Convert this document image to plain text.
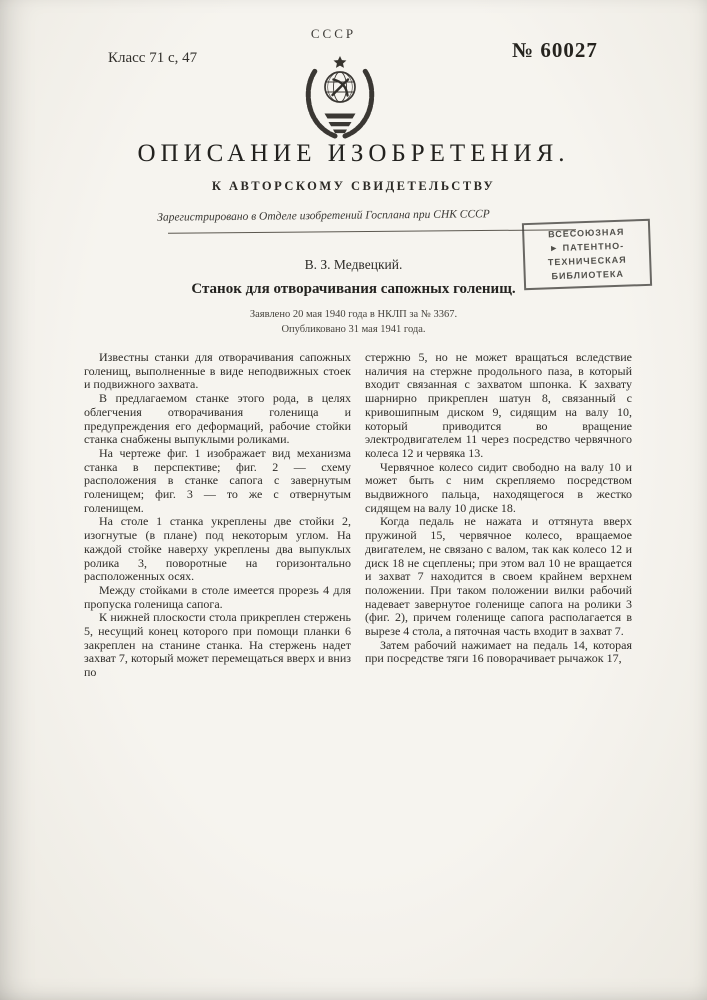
СССР
Класс 71 с, 47	№ 60027
ОПИСАНИЕ ИЗОБРЕТЕНИЯ.
К АВТОРСКОМУ СВИДЕТЕЛЬСТВУ
Зарегистрировано в Отделе изобретений Госплана при СНК СССР
ВСЕСОЮЗНАЯ
► ПАТЕНТНО-
ТЕХНИЧЕСКАЯ
БИБЛИОТЕКА
В. З. Медвецкий.
Станок для отворачивания сапожных голенищ.
Заявлено 20 мая 1940 года в НКЛП за № 3367.
Опубликовано 31 мая 1941 года.

Известны станки для отворачивания сапожных голенищ, выполненные в виде неподвижных стоек и подвижного захвата.

В предлагаемом станке этого рода, в целях облегчения отворачивания голенища и предупреждения его деформаций, рабочие стойки станка снабжены выпуклыми роликами.

На чертеже фиг. 1 изображает вид механизма станка в перспективе; фиг. 2 — схему расположения в станке сапога с завернутым голенищем; фиг. 3 — то же с отвернутым голенищем.

На столе 1 станка укреплены две стойки 2, изогнутые (в плане) под некоторым углом. На каждой стойке наверху укреплены два выпуклых ролика 3, поворотные на горизонтально расположенных осях.

Между стойками в столе имеется прорезь 4 для пропуска голенища сапога.

К нижней плоскости стола прикреплен стержень 5, несущий конец которого при помощи планки 6 закреплен на станине станка. На стержень надет захват 7, который может перемещаться вверх и вниз по

стержню 5, но не может вращаться вследствие наличия на стержне продольного паза, в который входит связанная с захватом шпонка. К захвату шарнирно прикреплен шатун 8, связанный с кривошипным диском 9, сидящим на валу 10, который приводится во вращение электродвигателем 11 через посредство червячного колеса 12 и червяка 13.

Червячное колесо сидит свободно на валу 10 и может быть с ним скрепляемо посредством выдвижного пальца, находящегося в жестко сидящем на валу 10 диске 18.

Когда педаль не нажата и оттянута вверх пружиной 15, червячное колесо, вращаемое двигателем, не связано с валом, так как колесо 12 и диск 18 не сцеплены; при этом вал 10 не вращается и захват 7 находится в своем крайнем верхнем положении. При таком положении вилки рабочий надевает завернутое голенище сапога на ролики 3 (фиг. 2), причем голенище сапога располагается в вырезе 4 стола, а пяточная часть входит в захват 7.

Затем рабочий нажимает на педаль 14, которая при посредстве тяги 16 поворачивает рычажок 17,
